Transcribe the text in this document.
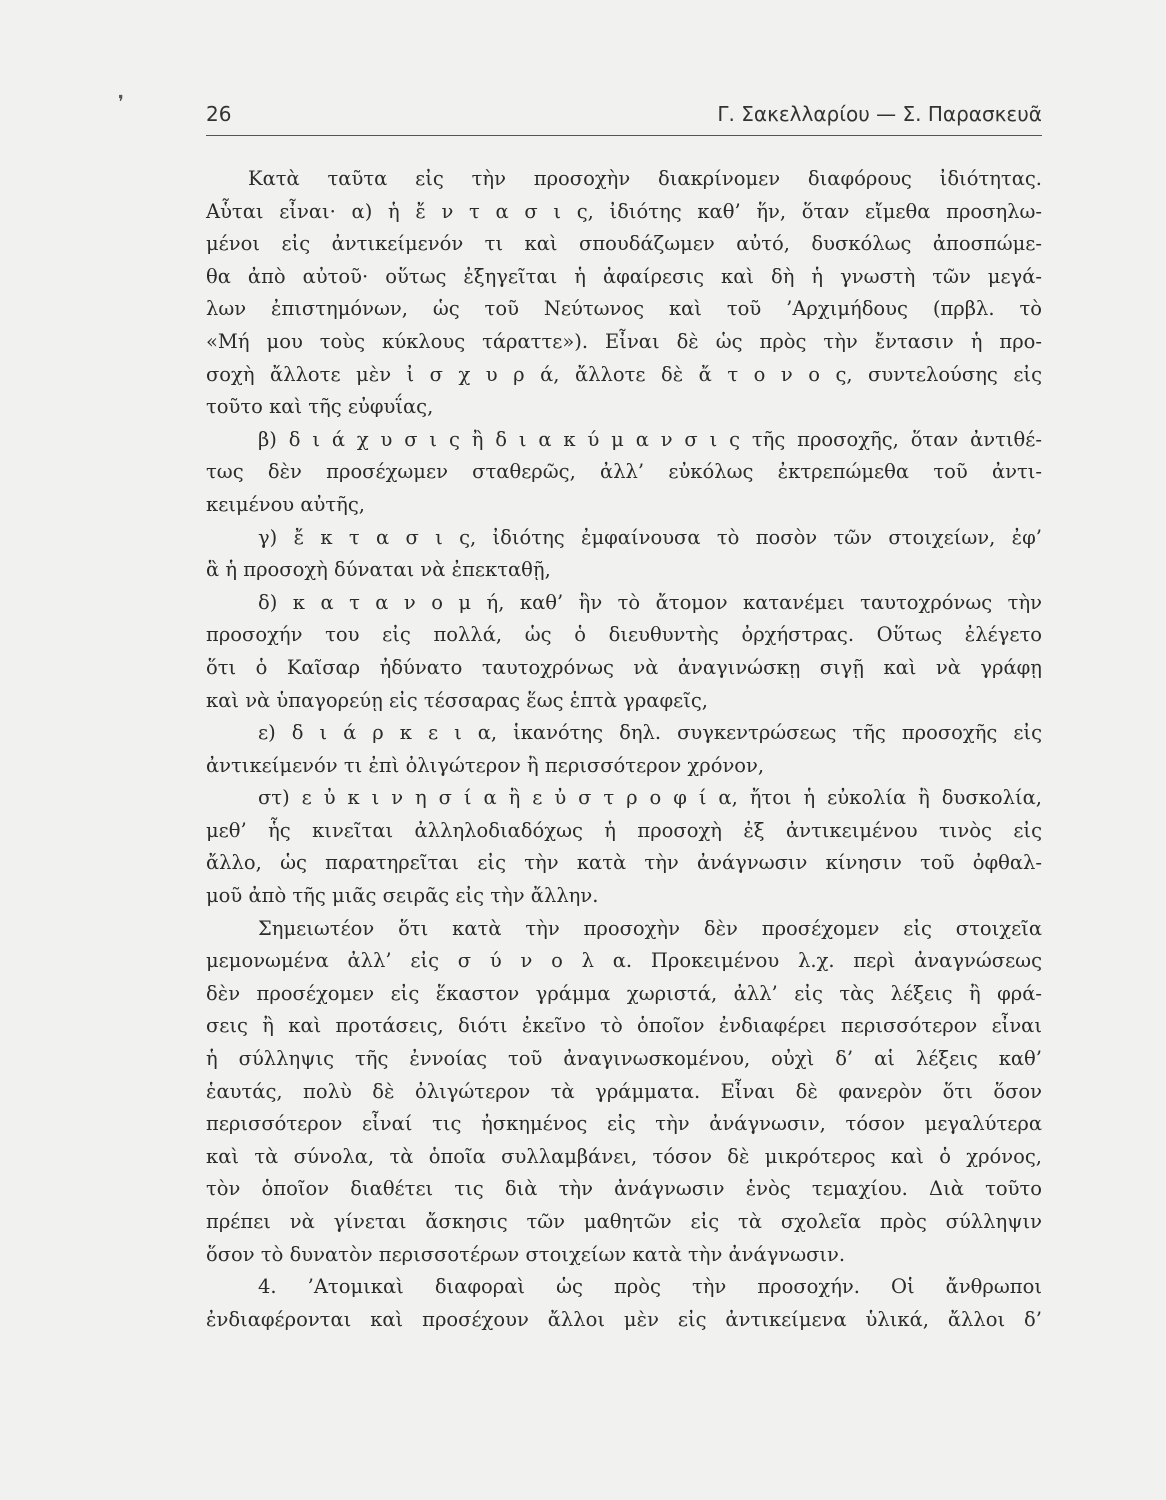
❜	26	Γ. Σακελλαρίου — Σ. Παρασκευᾶ
Κατὰ ταῦτα εἰς τὴν προσοχὴν διακρίνομεν διαφόρους ἰδιότητας.
Αὗται εἶναι· α) ἡ ἔ ν τ α σ ι ς, ἰδιότης καθ’ ἥν, ὅταν εἴμεθα προσηλω-
μένοι εἰς ἀντικείμενόν τι καὶ σπουδάζωμεν αὐτό, δυσκόλως ἀποσπώμε-
θα ἀπὸ αὐτοῦ· οὕτως ἐξηγεῖται ἡ ἀφαίρεσις καὶ δὴ ἡ γνωστὴ τῶν μεγά-
λων ἐπιστημόνων, ὡς τοῦ Νεύτωνος καὶ τοῦ ’Αρχιμήδους (πρβλ. τὸ
«Μή μου τοὺς κύκλους τάραττε»). Εἶναι δὲ ὡς πρὸς τὴν ἔντασιν ἡ προ-
σοχὴ ἄλλοτε μὲν ἰ σ χ υ ρ ά, ἄλλοτε δὲ ἄ τ ο ν ο ς, συντελούσης εἰς
τοῦτο καὶ τῆς εὐφυΐας,
β) δ ι ά χ υ σ ι ς ἢ δ ι α κ ύ μ α ν σ ι ς τῆς προσοχῆς, ὅταν ἀντιθέ-
τως δὲν προσέχωμεν σταθερῶς, ἀλλ’ εὐκόλως ἐκτρεπώμεθα τοῦ ἀντι-
κειμένου αὐτῆς,
γ) ἔ κ τ α σ ι ς, ἰδιότης ἐμφαίνουσα τὸ ποσὸν τῶν στοιχείων, ἐφ’
ἃ ἡ προσοχὴ δύναται νὰ ἐπεκταθῇ,
δ) κ α τ α ν ο μ ή, καθ’ ἣν τὸ ἄτομον κατανέμει ταυτοχρόνως τὴν
προσοχήν του εἰς πολλά, ὡς ὁ διευθυντὴς ὀρχήστρας. Οὕτως ἐλέγετο
ὅτι ὁ Καῖσαρ ἠδύνατο ταυτοχρόνως νὰ ἀναγινώσκῃ σιγῇ καὶ νὰ γράφῃ
καὶ νὰ ὑπαγορεύῃ εἰς τέσσαρας ἕως ἑπτὰ γραφεῖς,
ε) δ ι ά ρ κ ε ι α, ἱκανότης δηλ. συγκεντρώσεως τῆς προσοχῆς εἰς
ἀντικείμενόν τι ἐπὶ ὀλιγώτερον ἢ περισσότερον χρόνον,
στ) ε ὐ κ ι ν η σ ί α ἢ ε ὐ σ τ ρ ο φ ί α, ἤτοι ἡ εὐκολία ἢ δυσκολία,
μεθ’ ἧς κινεῖται ἀλληλοδιαδόχως ἡ προσοχὴ ἐξ ἀντικειμένου τινὸς εἰς
ἄλλο, ὡς παρατηρεῖται εἰς τὴν κατὰ τὴν ἀνάγνωσιν κίνησιν τοῦ ὀφθαλ-
μοῦ ἀπὸ τῆς μιᾶς σειρᾶς εἰς τὴν ἄλλην.
Σημειωτέον ὅτι κατὰ τὴν προσοχὴν δὲν προσέχομεν εἰς στοιχεῖα
μεμονωμένα ἀλλ’ εἰς σ ύ ν ο λ α. Προκειμένου λ.χ. περὶ ἀναγνώσεως
δὲν προσέχομεν εἰς ἕκαστον γράμμα χωριστά, ἀλλ’ εἰς τὰς λέξεις ἢ φρά-
σεις ἢ καὶ προτάσεις, διότι ἐκεῖνο τὸ ὁποῖον ἐνδιαφέρει περισσότερον εἶναι
ἡ σύλληψις τῆς ἐννοίας τοῦ ἀναγινωσκομένου, οὐχὶ δ’ αἱ λέξεις καθ’
ἑαυτάς, πολὺ δὲ ὀλιγώτερον τὰ γράμματα. Εἶναι δὲ φανερὸν ὅτι ὅσον
περισσότερον εἶναί τις ἠσκημένος εἰς τὴν ἀνάγνωσιν, τόσον μεγαλύτερα
καὶ τὰ σύνολα, τὰ ὁποῖα συλλαμβάνει, τόσον δὲ μικρότερος καὶ ὁ χρόνος,
τὸν ὁποῖον διαθέτει τις διὰ τὴν ἀνάγνωσιν ἑνὸς τεμαχίου. Διὰ τοῦτο
πρέπει νὰ γίνεται ἄσκησις τῶν μαθητῶν εἰς τὰ σχολεῖα πρὸς σύλληψιν
ὅσον τὸ δυνατὸν περισσοτέρων στοιχείων κατὰ τὴν ἀνάγνωσιν.
4. ’Ατομικαὶ διαφοραὶ ὡς πρὸς τὴν προσοχήν. Οἱ ἄνθρωποι
ἐνδιαφέρονται καὶ προσέχουν ἄλλοι μὲν εἰς ἀντικείμενα ὑλικά, ἄλλοι δ’
